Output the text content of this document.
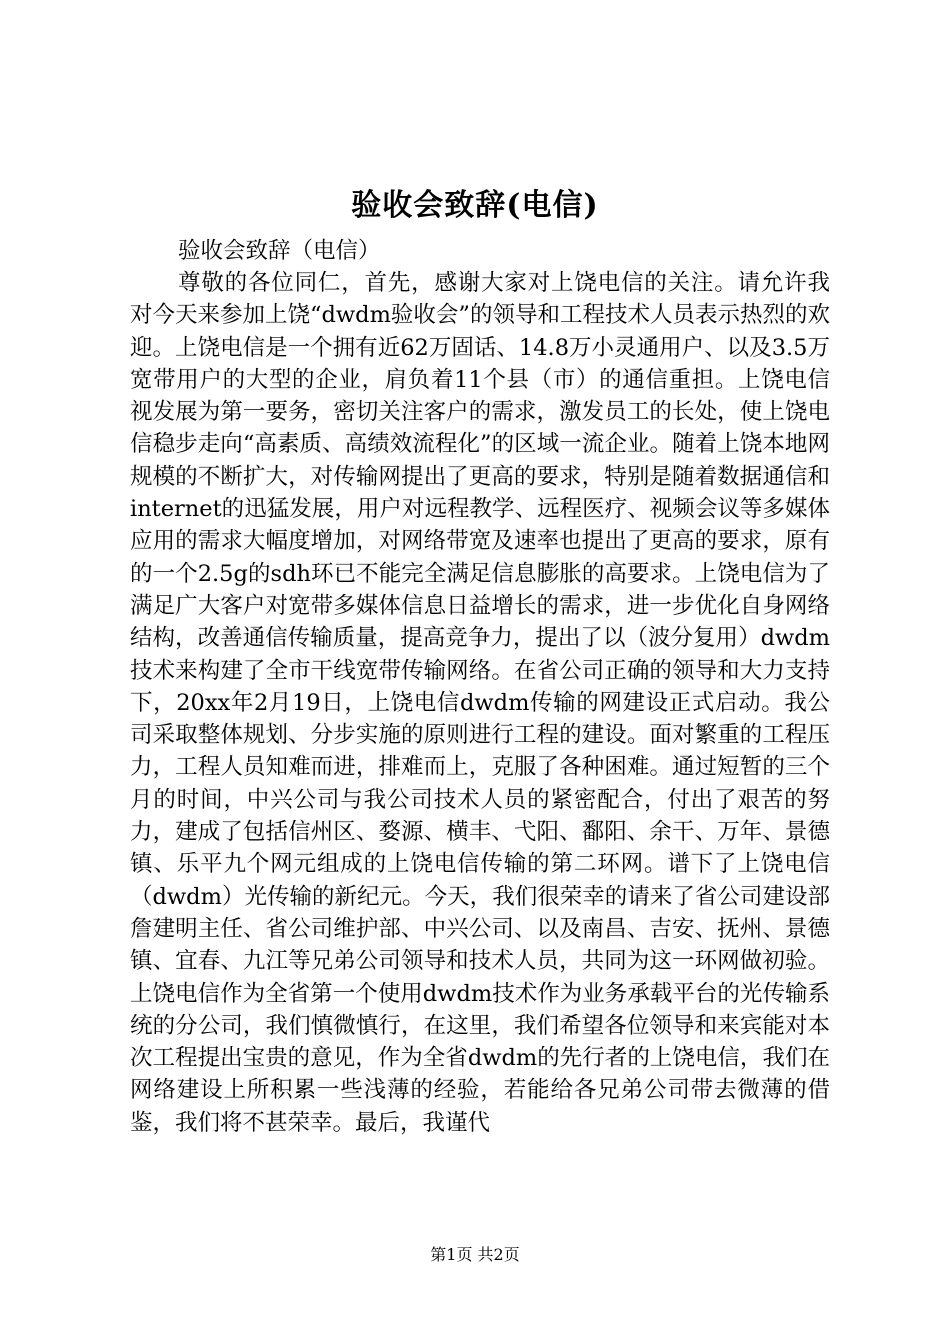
验收会致辞(电信)

验收会致辞（电信）

尊敬的各位同仁，首先，感谢大家对上饶电信的关注。请允许我对今天来参加上饶“dwdm验收会”的领导和工程技术人员表示热烈的欢迎。上饶电信是一个拥有近62万固话、14.8万小灵通用户、以及3.5万宽带用户的大型的企业，肩负着11个县（市）的通信重担。上饶电信视发展为第一要务，密切关注客户的需求，激发员工的长处，使上饶电信稳步走向“高素质、高绩效流程化”的区域一流企业。随着上饶本地网规模的不断扩大，对传输网提出了更高的要求，特别是随着数据通信和internet的迅猛发展，用户对远程教学、远程医疗、视频会议等多媒体应用的需求大幅度增加，对网络带宽及速率也提出了更高的要求，原有的一个2.5g的sdh环已不能完全满足信息膨胀的高要求。上饶电信为了满足广大客户对宽带多媒体信息日益增长的需求，进一步优化自身网络结构，改善通信传输质量，提高竞争力，提出了以（波分复用）dwdm技术来构建了全市干线宽带传输网络。在省公司正确的领导和大力支持下，20xx年2月19日，上饶电信dwdm传输的网建设正式启动。我公司采取整体规划、分步实施的原则进行工程的建设。面对繁重的工程压力，工程人员知难而进，排难而上，克服了各种困难。通过短暂的三个月的时间，中兴公司与我公司技术人员的紧密配合，付出了艰苦的努力，建成了包括信州区、婺源、横丰、弋阳、鄱阳、余干、万年、景德镇、乐平九个网元组成的上饶电信传输的第二环网。谱下了上饶电信（dwdm）光传输的新纪元。今天，我们很荣幸的请来了省公司建设部詹建明主任、省公司维护部、中兴公司、以及南昌、吉安、抚州、景德镇、宜春、九江等兄弟公司领导和技术人员，共同为这一环网做初验。上饶电信作为全省第一个使用dwdm技术作为业务承载平台的光传输系统的分公司，我们慎微慎行，在这里，我们希望各位领导和来宾能对本次工程提出宝贵的意见，作为全省dwdm的先行者的上饶电信，我们在网络建设上所积累一些浅薄的经验，若能给各兄弟公司带去微薄的借鉴，我们将不甚荣幸。最后，我谨代

第1页 共2页
